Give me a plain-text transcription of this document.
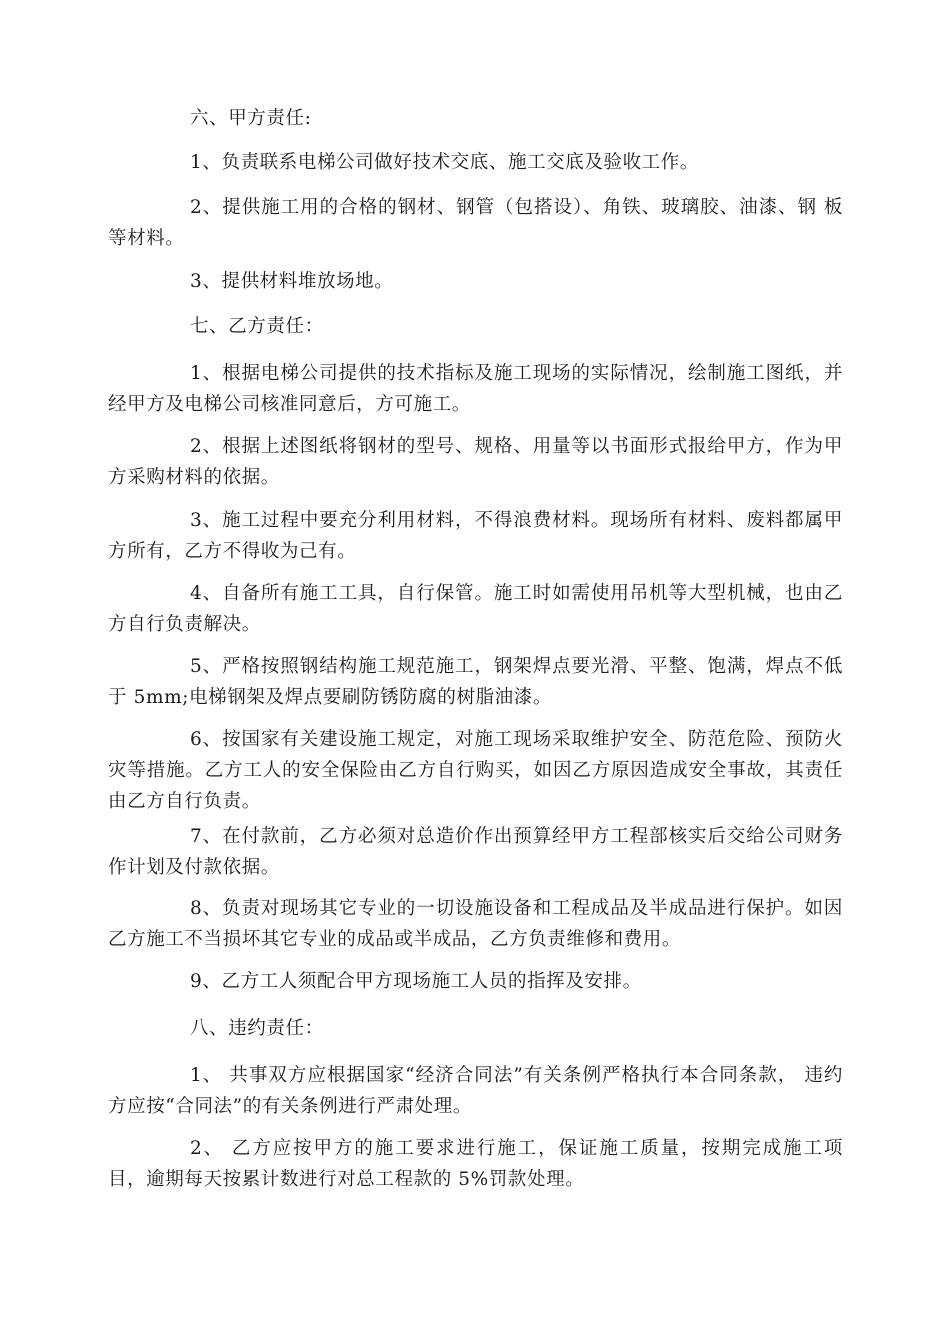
六、甲方责任:

1、负责联系电梯公司做好技术交底、施工交底及验收工作。

2、提供施工用的合格的钢材、钢管（包搭设）、角铁、玻璃胶、油漆、钢 板等材料。

3、提供材料堆放场地。

七、乙方责任：

1、根据电梯公司提供的技术指标及施工现场的实际情况，绘制施工图纸，并经甲方及电梯公司核准同意后，方可施工。

2、根据上述图纸将钢材的型号、规格、用量等以书面形式报给甲方，作为甲方采购材料的依据。

3、施工过程中要充分利用材料，不得浪费材料。现场所有材料、废料都属甲方所有，乙方不得收为己有。

4、自备所有施工工具，自行保管。施工时如需使用吊机等大型机械，也由乙方自行负责解决。

5、严格按照钢结构施工规范施工，钢架焊点要光滑、平整、饱满，焊点不低于 5mm;电梯钢架及焊点要刷防锈防腐的树脂油漆。

6、按国家有关建设施工规定，对施工现场采取维护安全、防范危险、预防火灾等措施。乙方工人的安全保险由乙方自行购买，如因乙方原因造成安全事故，其责任由乙方自行负责。

7、在付款前，乙方必须对总造价作出预算经甲方工程部核实后交给公司财务作计划及付款依据。

8、负责对现场其它专业的一切设施设备和工程成品及半成品进行保护。如因乙方施工不当损坏其它专业的成品或半成品，乙方负责维修和费用。

9、乙方工人须配合甲方现场施工人员的指挥及安排。

八、违约责任：

1、 共事双方应根据国家“经济合同法”有关条例严格执行本合同条款， 违约方应按“合同法”的有关条例进行严肃处理。

2、 乙方应按甲方的施工要求进行施工，保证施工质量，按期完成施工项 目，逾期每天按累计数进行对总工程款的 5%罚款处理。
